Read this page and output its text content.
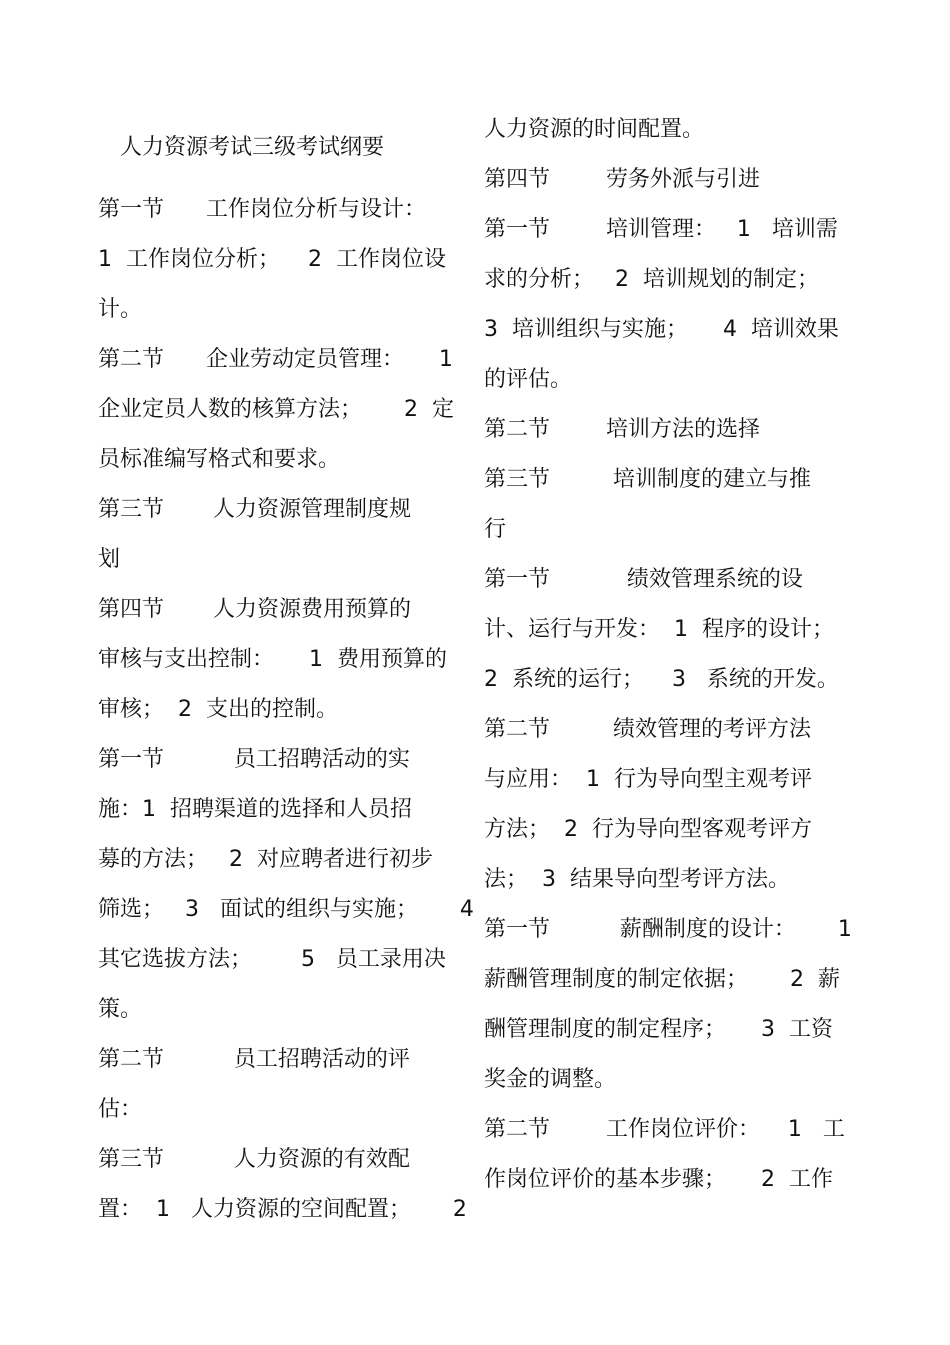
人力资源考试三级考试纲要
第一节      工作岗位分析与设计：
1  工作岗位分析；    2  工作岗位设
计。
第二节      企业劳动定员管理：     1
企业定员人数的核算方法；      2  定
员标准编写格式和要求。
第三节       人力资源管理制度规
划
第四节       人力资源费用预算的
审核与支出控制：     1  费用预算的
审核；  2  支出的控制。
第一节          员工招聘活动的实
施：1  招聘渠道的选择和人员招
募的方法；   2  对应聘者进行初步
筛选；   3   面试的组织与实施；      4
其它选拔方法；       5   员工录用决
策。
第二节          员工招聘活动的评
估：
第三节          人力资源的有效配
置：  1   人力资源的空间配置；      2
人力资源的时间配置。
第四节        劳务外派与引进
第一节        培训管理：   1   培训需
求的分析；   2  培训规划的制定；
3  培训组织与实施；     4  培训效果
的评估。
第二节        培训方法的选择
第三节         培训制度的建立与推
行
第一节           绩效管理系统的设
计、运行与开发：  1  程序的设计；
2  系统的运行；    3   系统的开发。
第二节         绩效管理的考评方法
与应用：  1  行为导向型主观考评
方法；  2  行为导向型客观考评方
法；  3  结果导向型考评方法。
第一节          薪酬制度的设计：      1
薪酬管理制度的制定依据；      2  薪
酬管理制度的制定程序；     3  工资
奖金的调整。
第二节        工作岗位评价：    1   工
作岗位评价的基本步骤；     2  工作
